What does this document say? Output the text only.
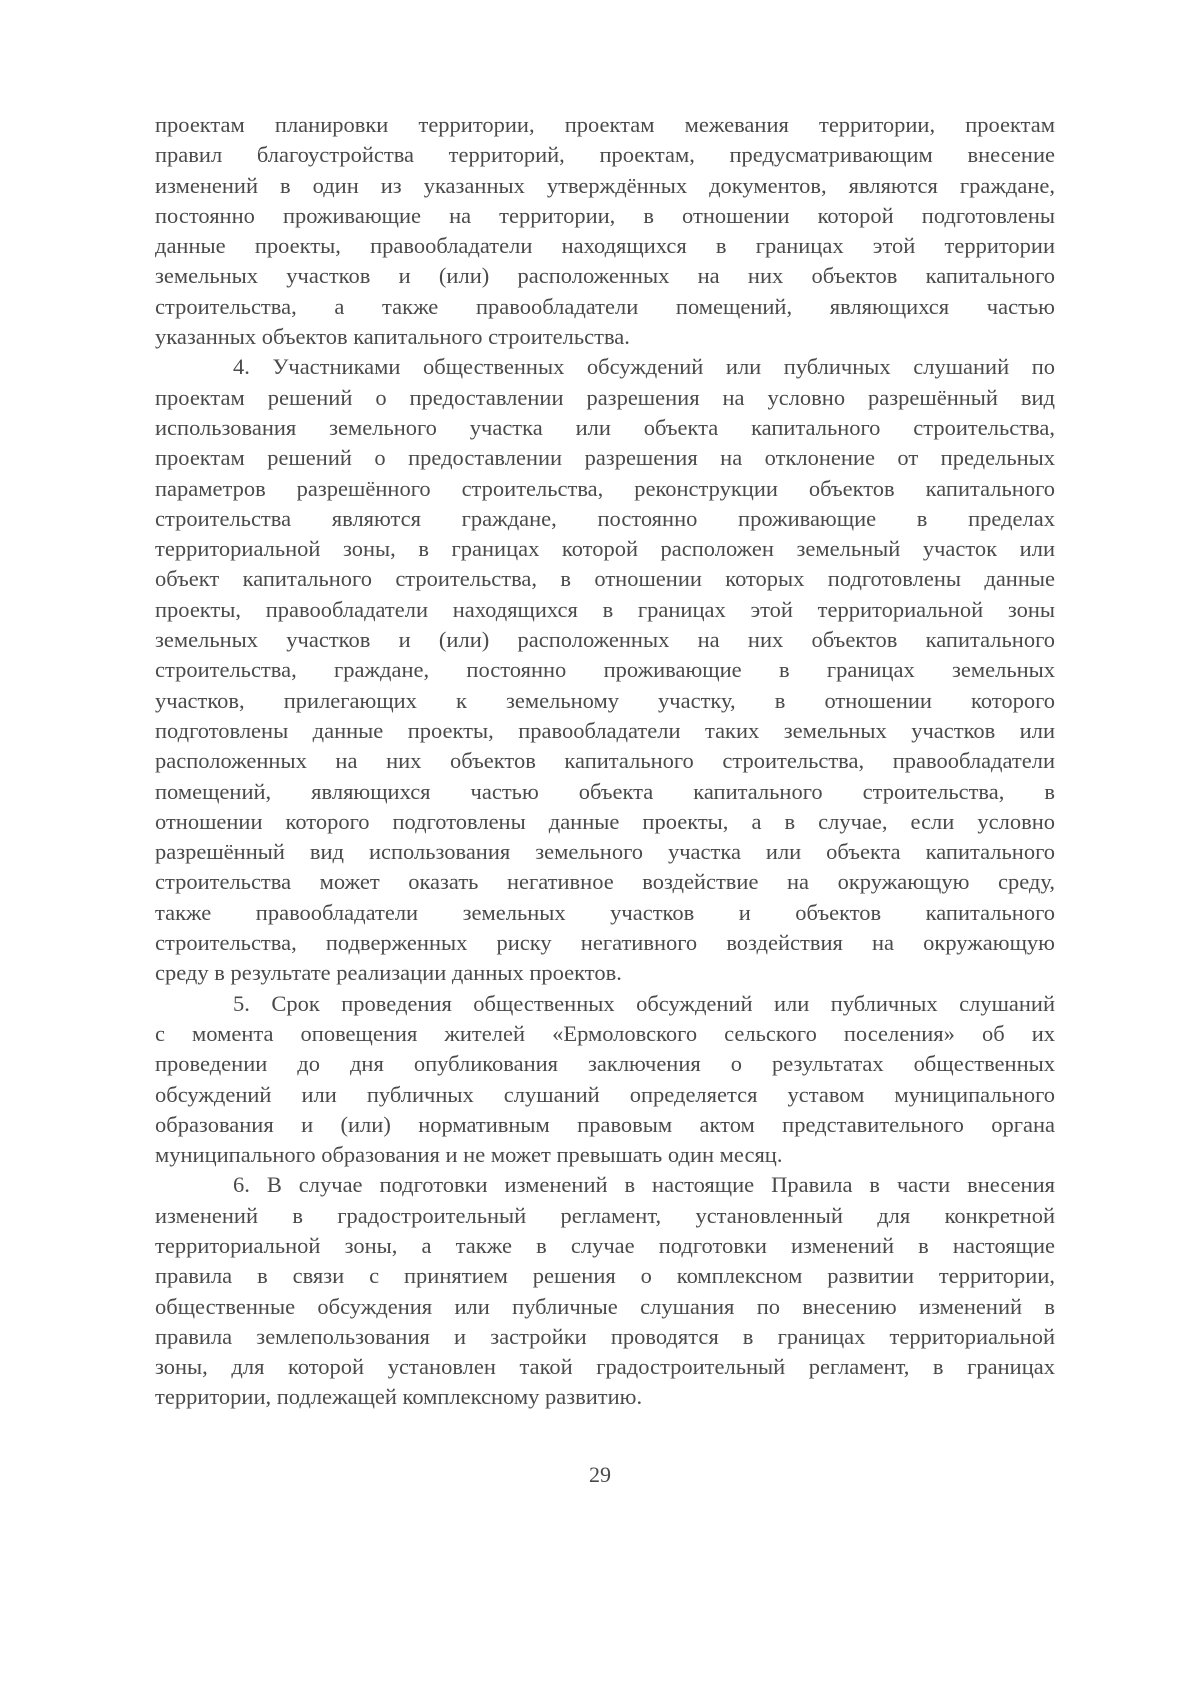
проектам планировки территории, проектам межевания территории, проектам
правил благоустройства территорий, проектам, предусматривающим внесение
изменений в один из указанных утверждённых документов, являются граждане,
постоянно проживающие на территории, в отношении которой подготовлены
данные проекты, правообладатели находящихся в границах этой территории
земельных участков и (или) расположенных на них объектов капитального
строительства, а также правообладатели помещений, являющихся частью
указанных объектов капитального строительства.
4. Участниками общественных обсуждений или публичных слушаний по
проектам решений о предоставлении разрешения на условно разрешённый вид
использования земельного участка или объекта капитального строительства,
проектам решений о предоставлении разрешения на отклонение от предельных
параметров разрешённого строительства, реконструкции объектов капитального
строительства являются граждане, постоянно проживающие в пределах
территориальной зоны, в границах которой расположен земельный участок или
объект капитального строительства, в отношении которых подготовлены данные
проекты, правообладатели находящихся в границах этой территориальной зоны
земельных участков и (или) расположенных на них объектов капитального
строительства, граждане, постоянно проживающие в границах земельных
участков, прилегающих к земельному участку, в отношении которого
подготовлены данные проекты, правообладатели таких земельных участков или
расположенных на них объектов капитального строительства, правообладатели
помещений, являющихся частью объекта капитального строительства, в
отношении которого подготовлены данные проекты, а в случае, если условно
разрешённый вид использования земельного участка или объекта капитального
строительства может оказать негативное воздействие на окружающую среду,
также правообладатели земельных участков и объектов капитального
строительства, подверженных риску негативного воздействия на окружающую
среду в результате реализации данных проектов.
5. Срок проведения общественных обсуждений или публичных слушаний
с момента оповещения жителей «Ермоловского сельского поселения» об их
проведении до дня опубликования заключения о результатах общественных
обсуждений или публичных слушаний определяется уставом муниципального
образования и (или) нормативным правовым актом представительного органа
муниципального образования и не может превышать один месяц.
6. В случае подготовки изменений в настоящие Правила в части внесения
изменений в градостроительный регламент, установленный для конкретной
территориальной зоны, а также в случае подготовки изменений в настоящие
правила в связи с принятием решения о комплексном развитии территории,
общественные обсуждения или публичные слушания по внесению изменений в
правила землепользования и застройки проводятся в границах территориальной
зоны, для которой установлен такой градостроительный регламент, в границах
территории, подлежащей комплексному развитию.
29
